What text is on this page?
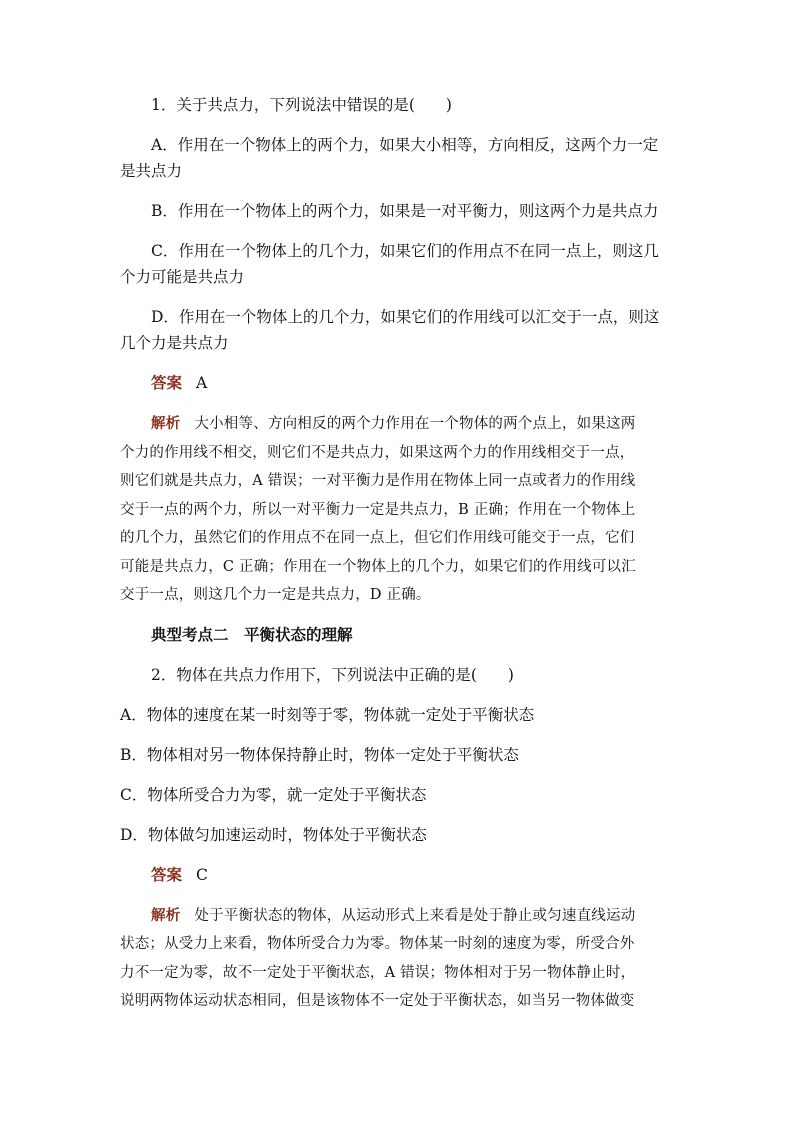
1．关于共点力，下列说法中错误的是(　　)
A．作用在一个物体上的两个力，如果大小相等，方向相反，这两个力一定
是共点力
B．作用在一个物体上的两个力，如果是一对平衡力，则这两个力是共点力
C．作用在一个物体上的几个力，如果它们的作用点不在同一点上，则这几
个力可能是共点力
D．作用在一个物体上的几个力，如果它们的作用线可以汇交于一点，则这
几个力是共点力
答案 A
解析 大小相等、方向相反的两个力作用在一个物体的两个点上，如果这两
个力的作用线不相交，则它们不是共点力，如果这两个力的作用线相交于一点，
则它们就是共点力，A 错误；一对平衡力是作用在物体上同一点或者力的作用线
交于一点的两个力，所以一对平衡力一定是共点力，B 正确；作用在一个物体上
的几个力，虽然它们的作用点不在同一点上，但它们作用线可能交于一点，它们
可能是共点力，C 正确；作用在一个物体上的几个力，如果它们的作用线可以汇
交于一点，则这几个力一定是共点力，D 正确。
典型考点二　平衡状态的理解
2．物体在共点力作用下，下列说法中正确的是(　　)
A．物体的速度在某一时刻等于零，物体就一定处于平衡状态
B．物体相对另一物体保持静止时，物体一定处于平衡状态
C．物体所受合力为零，就一定处于平衡状态
D．物体做匀加速运动时，物体处于平衡状态
答案 C
解析 处于平衡状态的物体，从运动形式上来看是处于静止或匀速直线运动
状态；从受力上来看，物体所受合力为零。物体某一时刻的速度为零，所受合外
力不一定为零，故不一定处于平衡状态，A 错误；物体相对于另一物体静止时，
说明两物体运动状态相同，但是该物体不一定处于平衡状态，如当另一物体做变
